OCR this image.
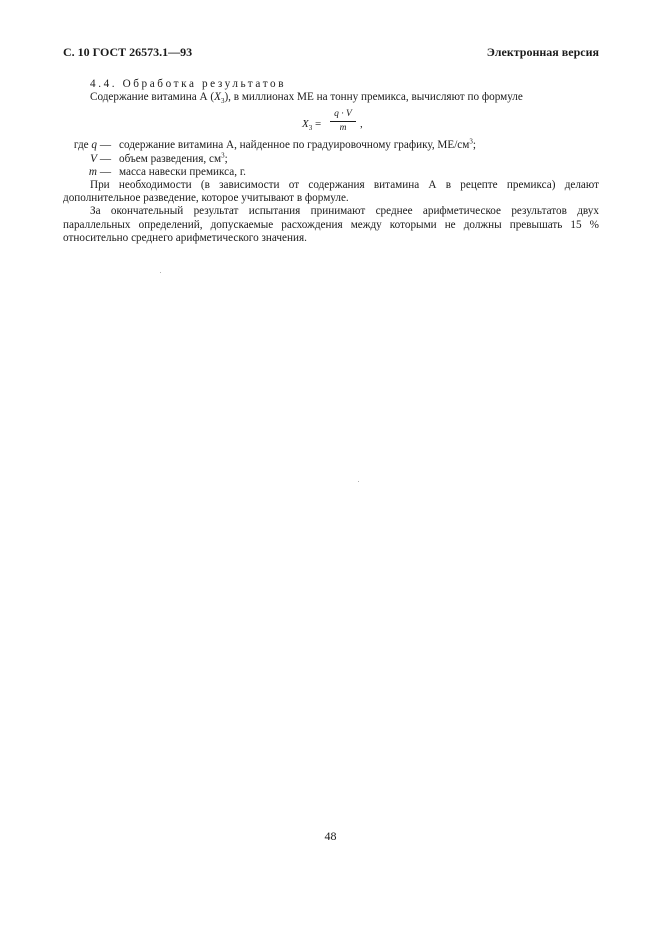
С. 10 ГОСТ 26573.1—93	Электронная версия
4.4. Обработка результатов
Содержание витамина А $(X_3)$, в миллионах МЕ на тонну премикса, вычисляют по формуле
$X_3$ =
q · V
m	,
где q — содержание витамина А, найденное по градуировочному графику, $МЕ/см^3$;
V — объем разведения, $см^3$;
m — масса навески премикса, г.
При необходимости (в зависимости от содержания витамина А в рецепте премикса) делают
дополнительное разведение, которое учитывают в формуле.
За окончательный результат испытания принимают среднее арифметическое результатов двух
параллельных определений, допускаемые расхождения между которыми не должны превышать 15 %
относительно среднего арифметического значения.
48
